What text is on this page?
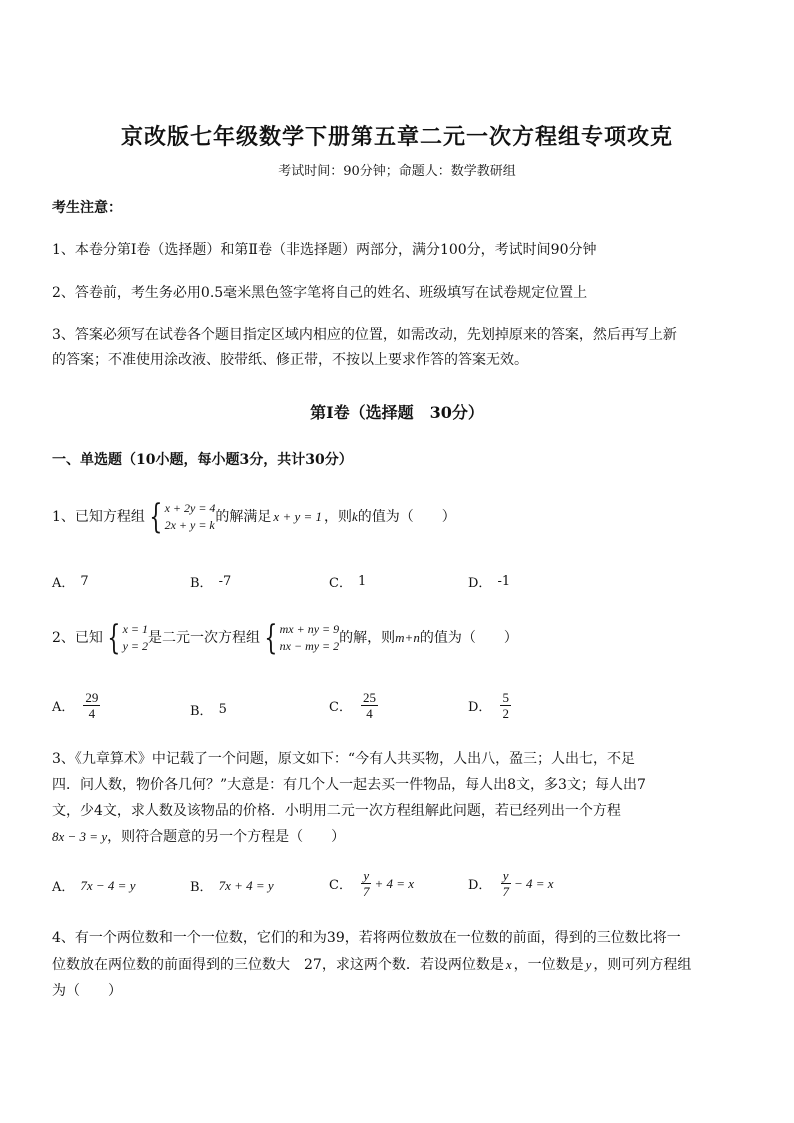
京改版七年级数学下册第五章二元一次方程组专项攻克
考试时间：90分钟；命题人：数学教研组
考生注意：
1、本卷分第Ⅰ卷（选择题）和第Ⅱ卷（非选择题）两部分，满分100分，考试时间90分钟
2、答卷前，考生务必用0.5毫米黑色签字笔将自己的姓名、班级填写在试卷规定位置上
3、答案必须写在试卷各个题目指定区域内相应的位置，如需改动，先划掉原来的答案，然后再写上新
的答案；不准使用涂改液、胶带纸、修正带，不按以上要求作答的答案无效。
第Ⅰ卷（选择题　30分）
一、单选题（10小题，每小题3分，共计30分）
1、已知方程组 { x + 2y = 4
2x + y = k 的解满足 x + y = 1 ，则 k 的值为（　　）
A． 7	B． -7	C． 1	D． -1
2、已知 { x = 1
y = 2 是二元一次方程组 { mx + ny = 9
nx − my = 2 的解，则 m+n 的值为（　　）
A． $\frac{29}{4}$	B． 5	C． $\frac{25}{4}$	D． $\frac{5}{2}$
3、《九章算术》中记载了一个问题，原文如下：“今有人共买物，人出八，盈三；人出七，不足
四．问人数，物价各几何？”大意是：有几个人一起去买一件物品，每人出8文，多3文；每人出7
文，少4文，求人数及该物品的价格．小明用二元一次方程组解此问题，若已经列出一个方程
8x − 3 = y，则符合题意的另一个方程是（　　）
A． 7x − 4 = y	B． 7x + 4 = y	C． $\frac{y}{7} + 4 = x$	D． $\frac{y}{7} - 4 = x$
4、有一个两位数和一个一位数，它们的和为39，若将两位数放在一位数的前面，得到的三位数比将一
位数放在两位数的前面得到的三位数大　27，求这两个数．若设两位数是 x ，一位数是 y ，则可列方程组
为（　　）
